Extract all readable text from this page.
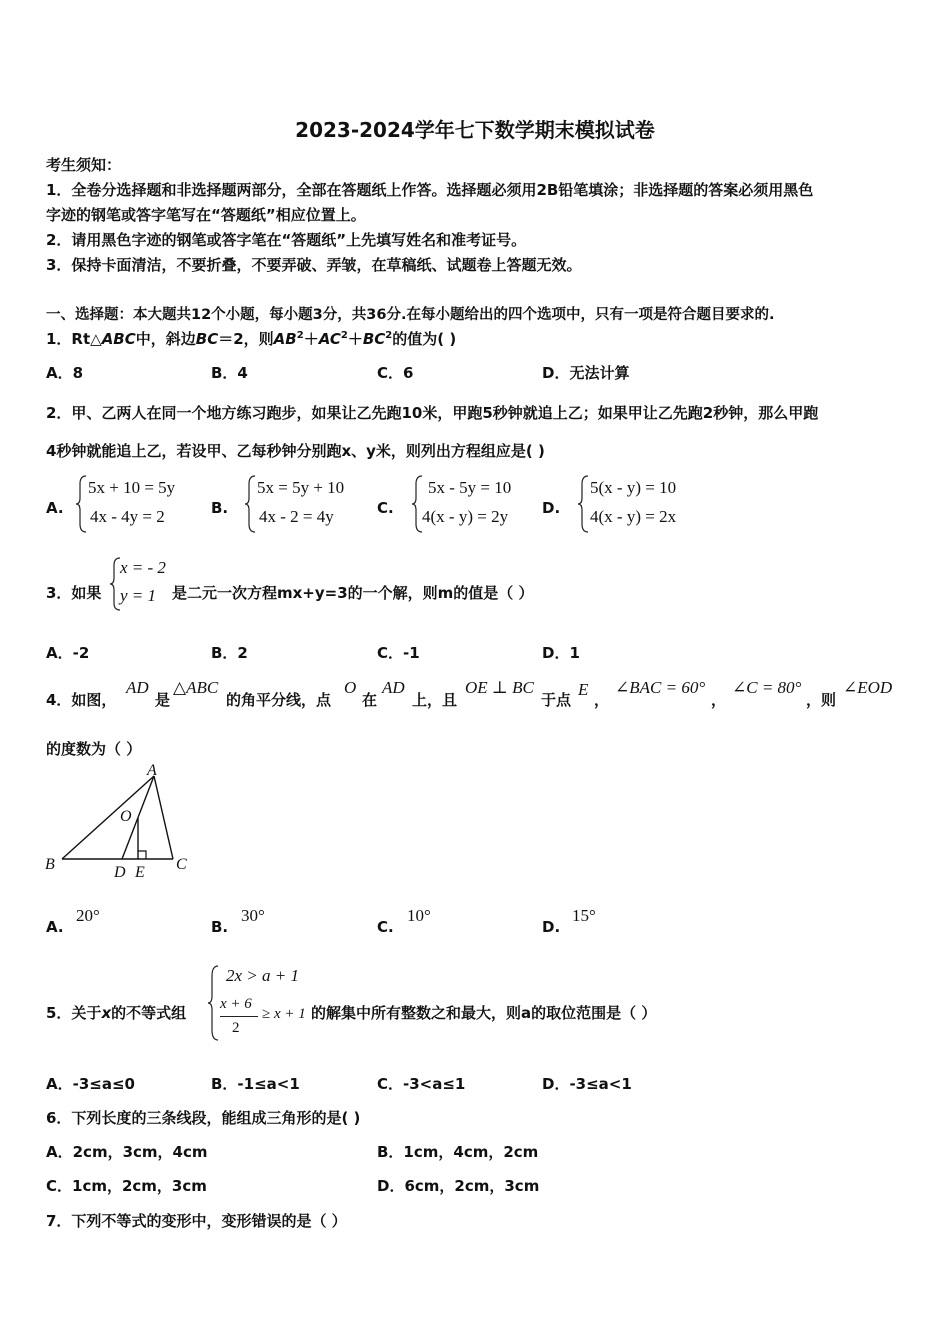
2023-2024学年七下数学期末模拟试卷
考生须知：
1．全卷分选择题和非选择题两部分，全部在答题纸上作答。选择题必须用2B铅笔填涂；非选择题的答案必须用黑色
字迹的钢笔或答字笔写在“答题纸”相应位置上。
2．请用黑色字迹的钢笔或答字笔在“答题纸”上先填写姓名和准考证号。
3．保持卡面清洁，不要折叠，不要弄破、弄皱，在草稿纸、试题卷上答题无效。
一、选择题：本大题共12个小题，每小题3分，共36分.在每小题给出的四个选项中，只有一项是符合题目要求的.
1．Rt△ABC中，斜边BC＝2，则$AB^2+AC^2+BC^2$的值为( )
A．8	B．4	C．6	D．无法计算
2．甲、乙两人在同一个地方练习跑步，如果让乙先跑10米，甲跑5秒钟就追上乙；如果甲让乙先跑2秒钟，那么甲跑
4秒钟就能追上乙，若设甲、乙每秒钟分别跑x、y米，则列出方程组应是( )
A.
5x + 10 = 5y
4x - 4y = 2	B.
5x = 5y + 10
4x - 2 = 4y	C.
5x - 5y = 10
4(x - y) = 2y D.
5(x - y) = 10
4(x - y) = 2x
3．如果
x = - 2
y = 1 是二元一次方程mx+y=3的一个解，则m的值是（ ）
A．-2	B．2	C．-1	D．1
4．如图，
AD
是
△ABC
的角平分线，点
O
在
AD
上，且
OE ⊥ BC
于点
E
，
∠BAC = 60°
，
∠C = 80°
，则
∠EOD
的度数为（ ）
A
O
B	D E C
A.
20°
B.
30°
C.
10°
D.
15°
5．关于x的不等式组
2x > a + 1
x + 6
2
≥ x + 1 的解集中所有整数之和最大，则a的取位范围是（ ）
A．-3≤a≤0	B．-1≤a<1	C．-3<a≤1	D．-3≤a<1
6．下列长度的三条线段，能组成三角形的是( )
A．2cm，3cm，4cm	B．1cm，4cm，2cm
C．1cm，2cm，3cm	D．6cm，2cm，3cm
7．下列不等式的变形中，变形错误的是（ ）
